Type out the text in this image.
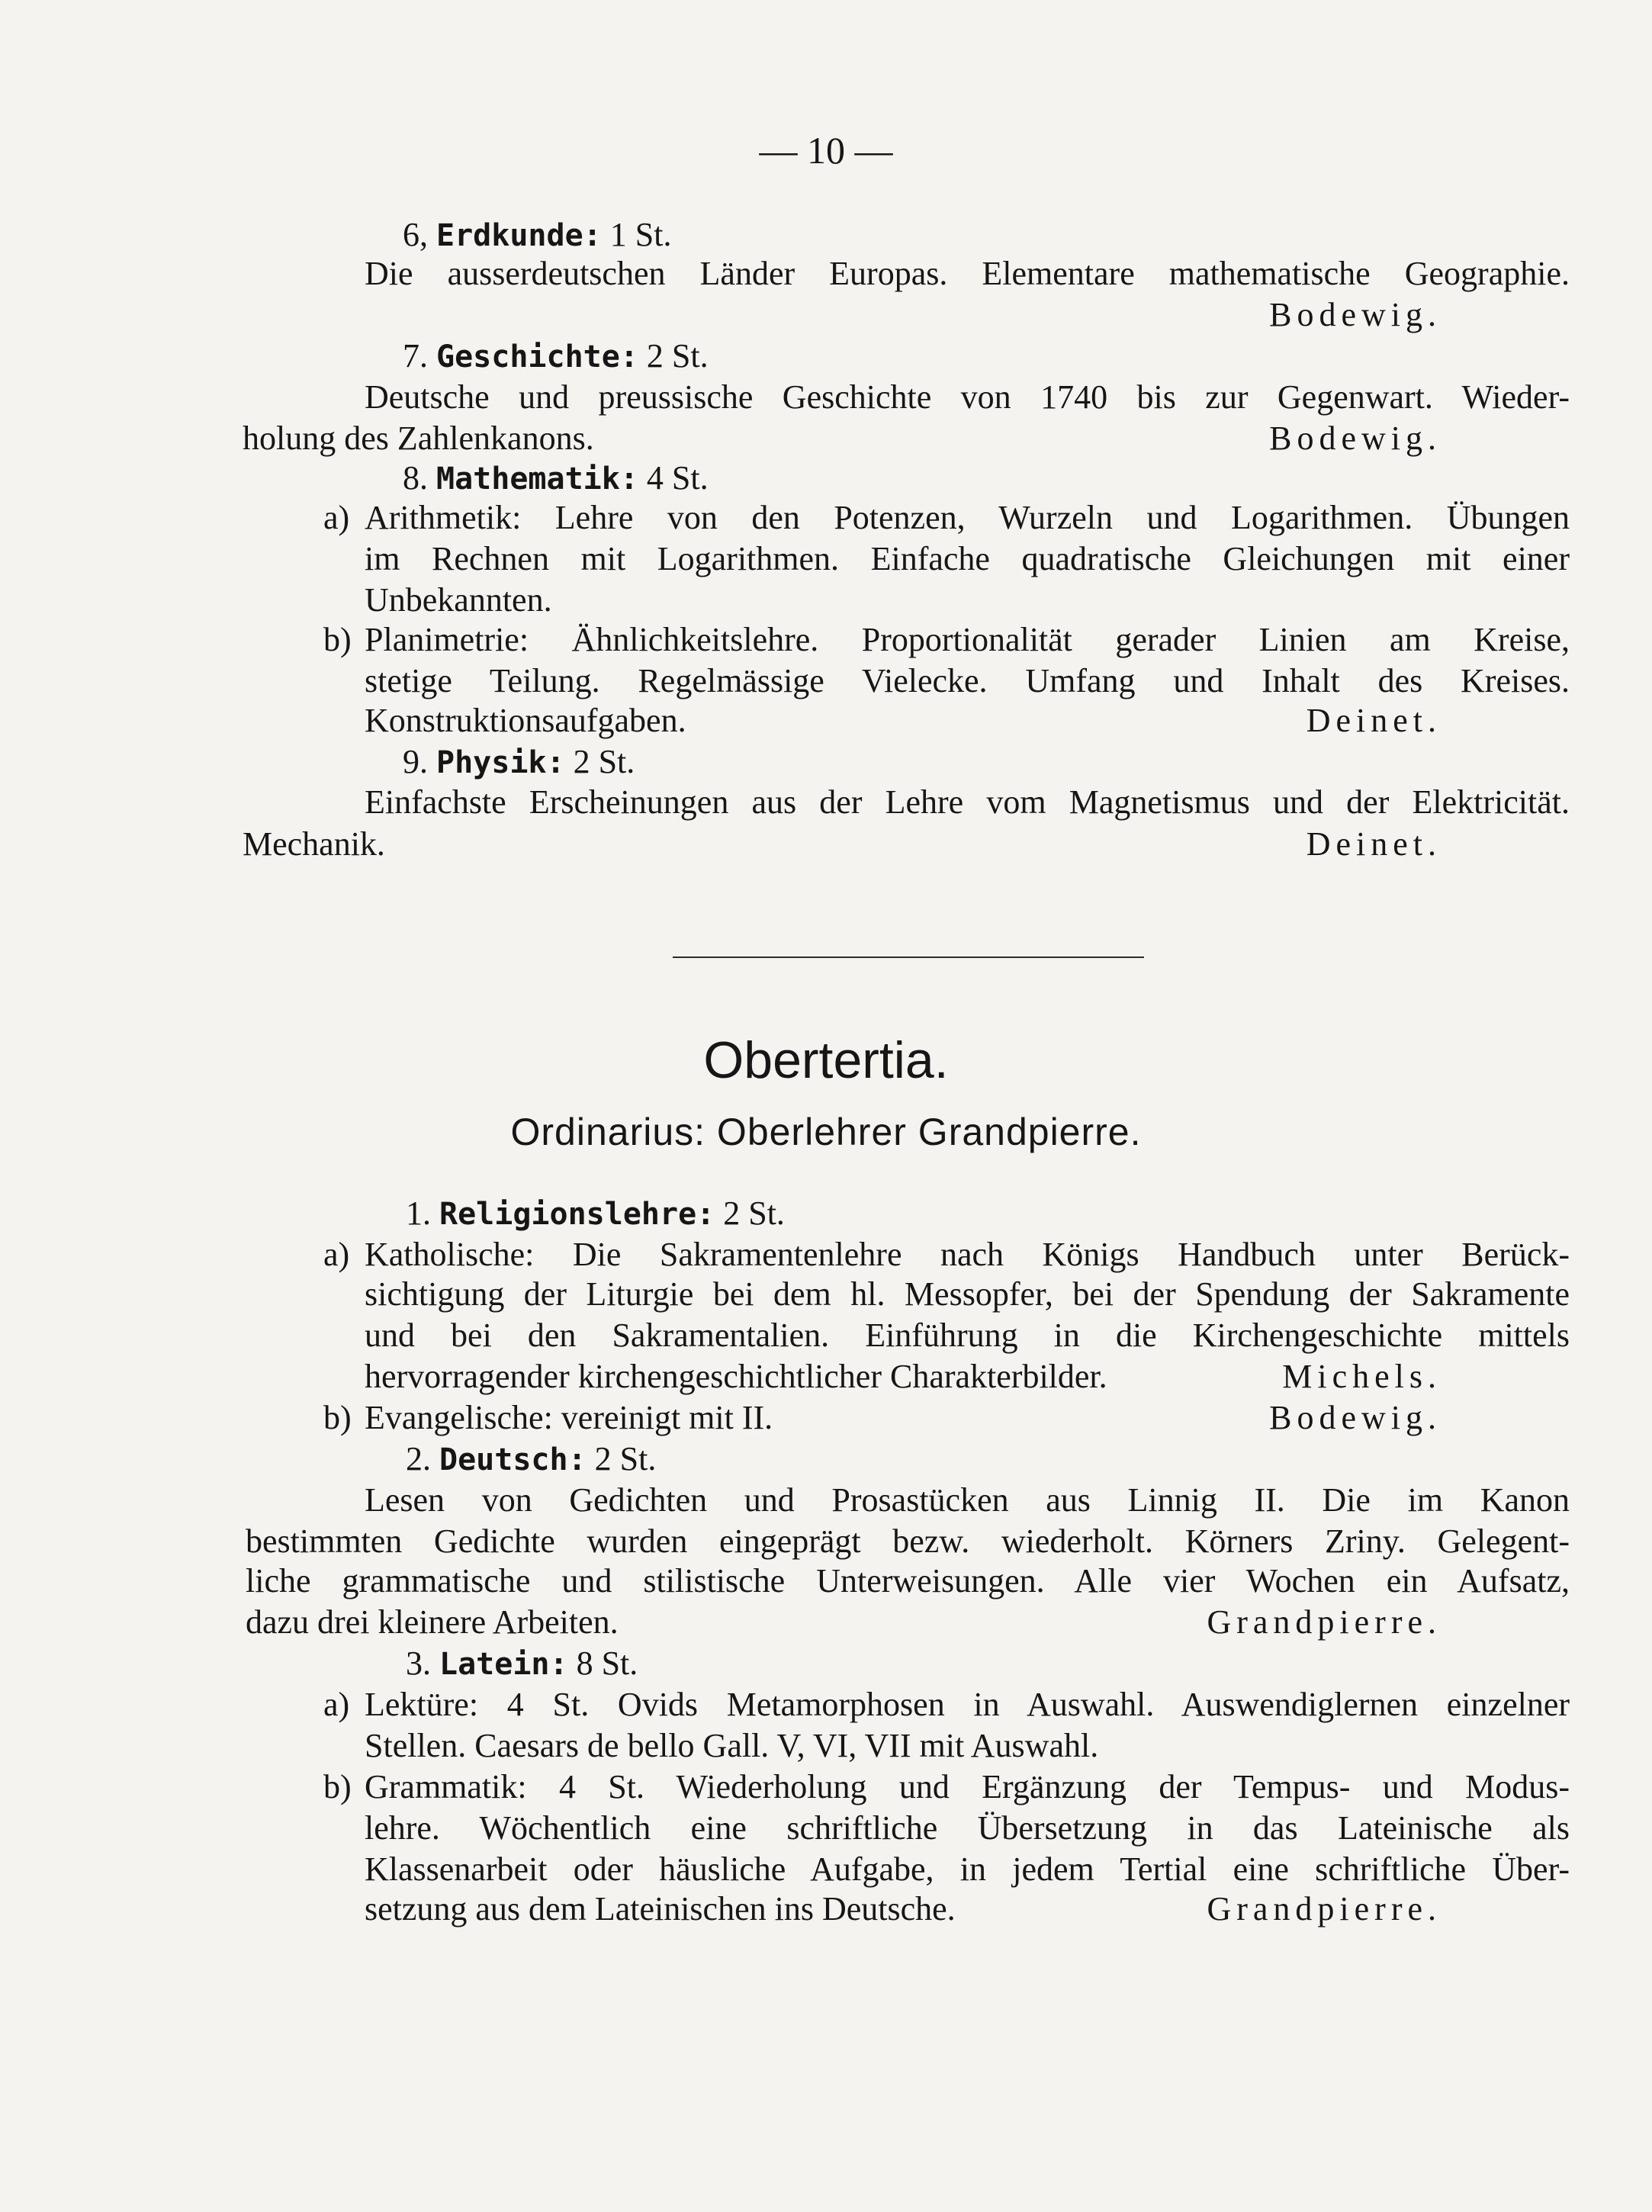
— 10 —
6, Erdkunde: 1 St.
Die ausserdeutschen Länder Europas. Elementare mathematische Geographie.
Bodewig.
7. Geschichte: 2 St.
Deutsche und preussische Geschichte von 1740 bis zur Gegenwart. Wieder-
holung des Zahlenkanons.	Bodewig.
8. Mathematik: 4 St.
a) Arithmetik: Lehre von den Potenzen, Wurzeln und Logarithmen. Übungen
im Rechnen mit Logarithmen. Einfache quadratische Gleichungen mit einer
Unbekannten.
b) Planimetrie: Ähnlichkeitslehre. Proportionalität gerader Linien am Kreise,
stetige Teilung. Regelmässige Vielecke. Umfang und Inhalt des Kreises.
Konstruktionsaufgaben.	Deinet.
9. Physik: 2 St.
Einfachste Erscheinungen aus der Lehre vom Magnetismus und der Elektricität.
Mechanik.	Deinet.
Obertertia.
Ordinarius: Oberlehrer Grandpierre.
1. Religionslehre: 2 St.
a) Katholische: Die Sakramentenlehre nach Königs Handbuch unter Berück-
sichtigung der Liturgie bei dem hl. Messopfer, bei der Spendung der Sakramente
und bei den Sakramentalien. Einführung in die Kirchengeschichte mittels
hervorragender kirchengeschichtlicher Charakterbilder.	Michels.
b) Evangelische: vereinigt mit II.	Bodewig.
2. Deutsch: 2 St.
Lesen von Gedichten und Prosastücken aus Linnig II. Die im Kanon
bestimmten Gedichte wurden eingeprägt bezw. wiederholt. Körners Zriny. Gelegent-
liche grammatische und stilistische Unterweisungen. Alle vier Wochen ein Aufsatz,
dazu drei kleinere Arbeiten.	Grandpierre.
3. Latein: 8 St.
a) Lektüre: 4 St. Ovids Metamorphosen in Auswahl. Auswendiglernen einzelner
Stellen. Caesars de bello Gall. V, VI, VII mit Auswahl.
b) Grammatik: 4 St. Wiederholung und Ergänzung der Tempus- und Modus-
lehre. Wöchentlich eine schriftliche Übersetzung in das Lateinische als
Klassenarbeit oder häusliche Aufgabe, in jedem Tertial eine schriftliche Über-
setzung aus dem Lateinischen ins Deutsche.	Grandpierre.
